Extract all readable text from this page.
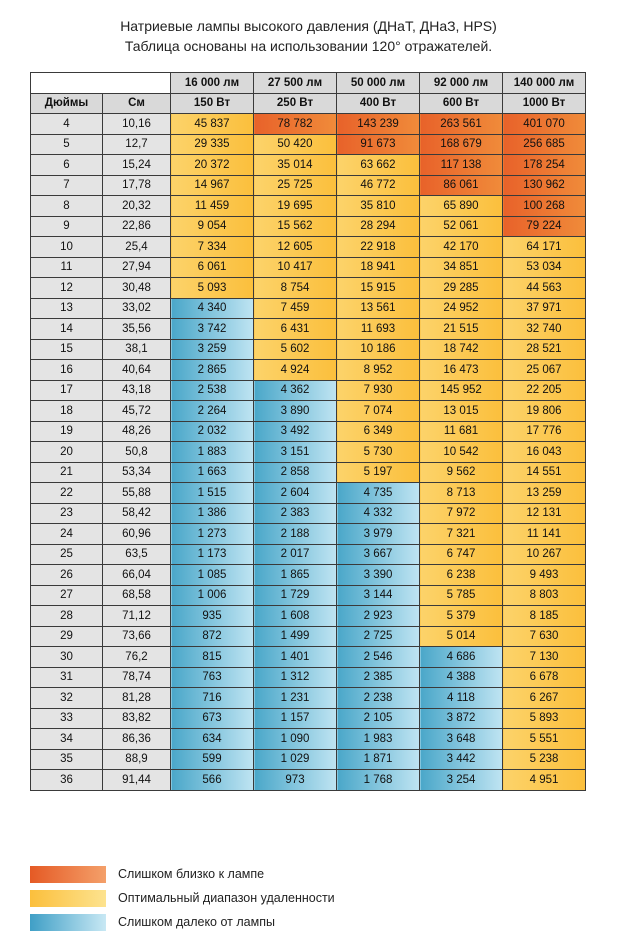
Натриевые лампы высокого давления (ДНаТ, ДНаЗ, HPS)
Таблица основаны на использовании 120° отражателей.
		16 000 лм	27 500 лм	50 000 лм	92 000 лм	140 000 лм
Дюймы	См	150 Вт	250 Вт	400 Вт	600 Вт	1000 Вт
4	10,16	45 837	78 782	143 239	263 561	401 070
5	12,7	29 335	50 420	91 673	168 679	256 685
6	15,24	20 372	35 014	63 662	117 138	178 254
7	17,78	14 967	25 725	46 772	86 061	130 962
8	20,32	11 459	19 695	35 810	65 890	100 268
9	22,86	9 054	15 562	28 294	52 061	79 224
10	25,4	7 334	12 605	22 918	42 170	64 171
11	27,94	6 061	10 417	18 941	34 851	53 034
12	30,48	5 093	8 754	15 915	29 285	44 563
13	33,02	4 340	7 459	13 561	24 952	37 971
14	35,56	3 742	6 431	11 693	21 515	32 740
15	38,1	3 259	5 602	10 186	18 742	28 521
16	40,64	2 865	4 924	8 952	16 473	25 067
17	43,18	2 538	4 362	7 930	145 952	22 205
18	45,72	2 264	3 890	7 074	13 015	19 806
19	48,26	2 032	3 492	6 349	11 681	17 776
20	50,8	1 883	3 151	5 730	10 542	16 043
21	53,34	1 663	2 858	5 197	9 562	14 551
22	55,88	1 515	2 604	4 735	8 713	13 259
23	58,42	1 386	2 383	4 332	7 972	12 131
24	60,96	1 273	2 188	3 979	7 321	11 141
25	63,5	1 173	2 017	3 667	6 747	10 267
26	66,04	1 085	1 865	3 390	6 238	9 493
27	68,58	1 006	1 729	3 144	5 785	8 803
28	71,12	935	1 608	2 923	5 379	8 185
29	73,66	872	1 499	2 725	5 014	7 630
30	76,2	815	1 401	2 546	4 686	7 130
31	78,74	763	1 312	2 385	4 388	6 678
32	81,28	716	1 231	2 238	4 118	6 267
33	83,82	673	1 157	2 105	3 872	5 893
34	86,36	634	1 090	1 983	3 648	5 551
35	88,9	599	1 029	1 871	3 442	5 238
36	91,44	566	973	1 768	3 254	4 951
Слишком близко к лампе
Оптимальный диапазон удаленности
Слишком далеко от лампы
